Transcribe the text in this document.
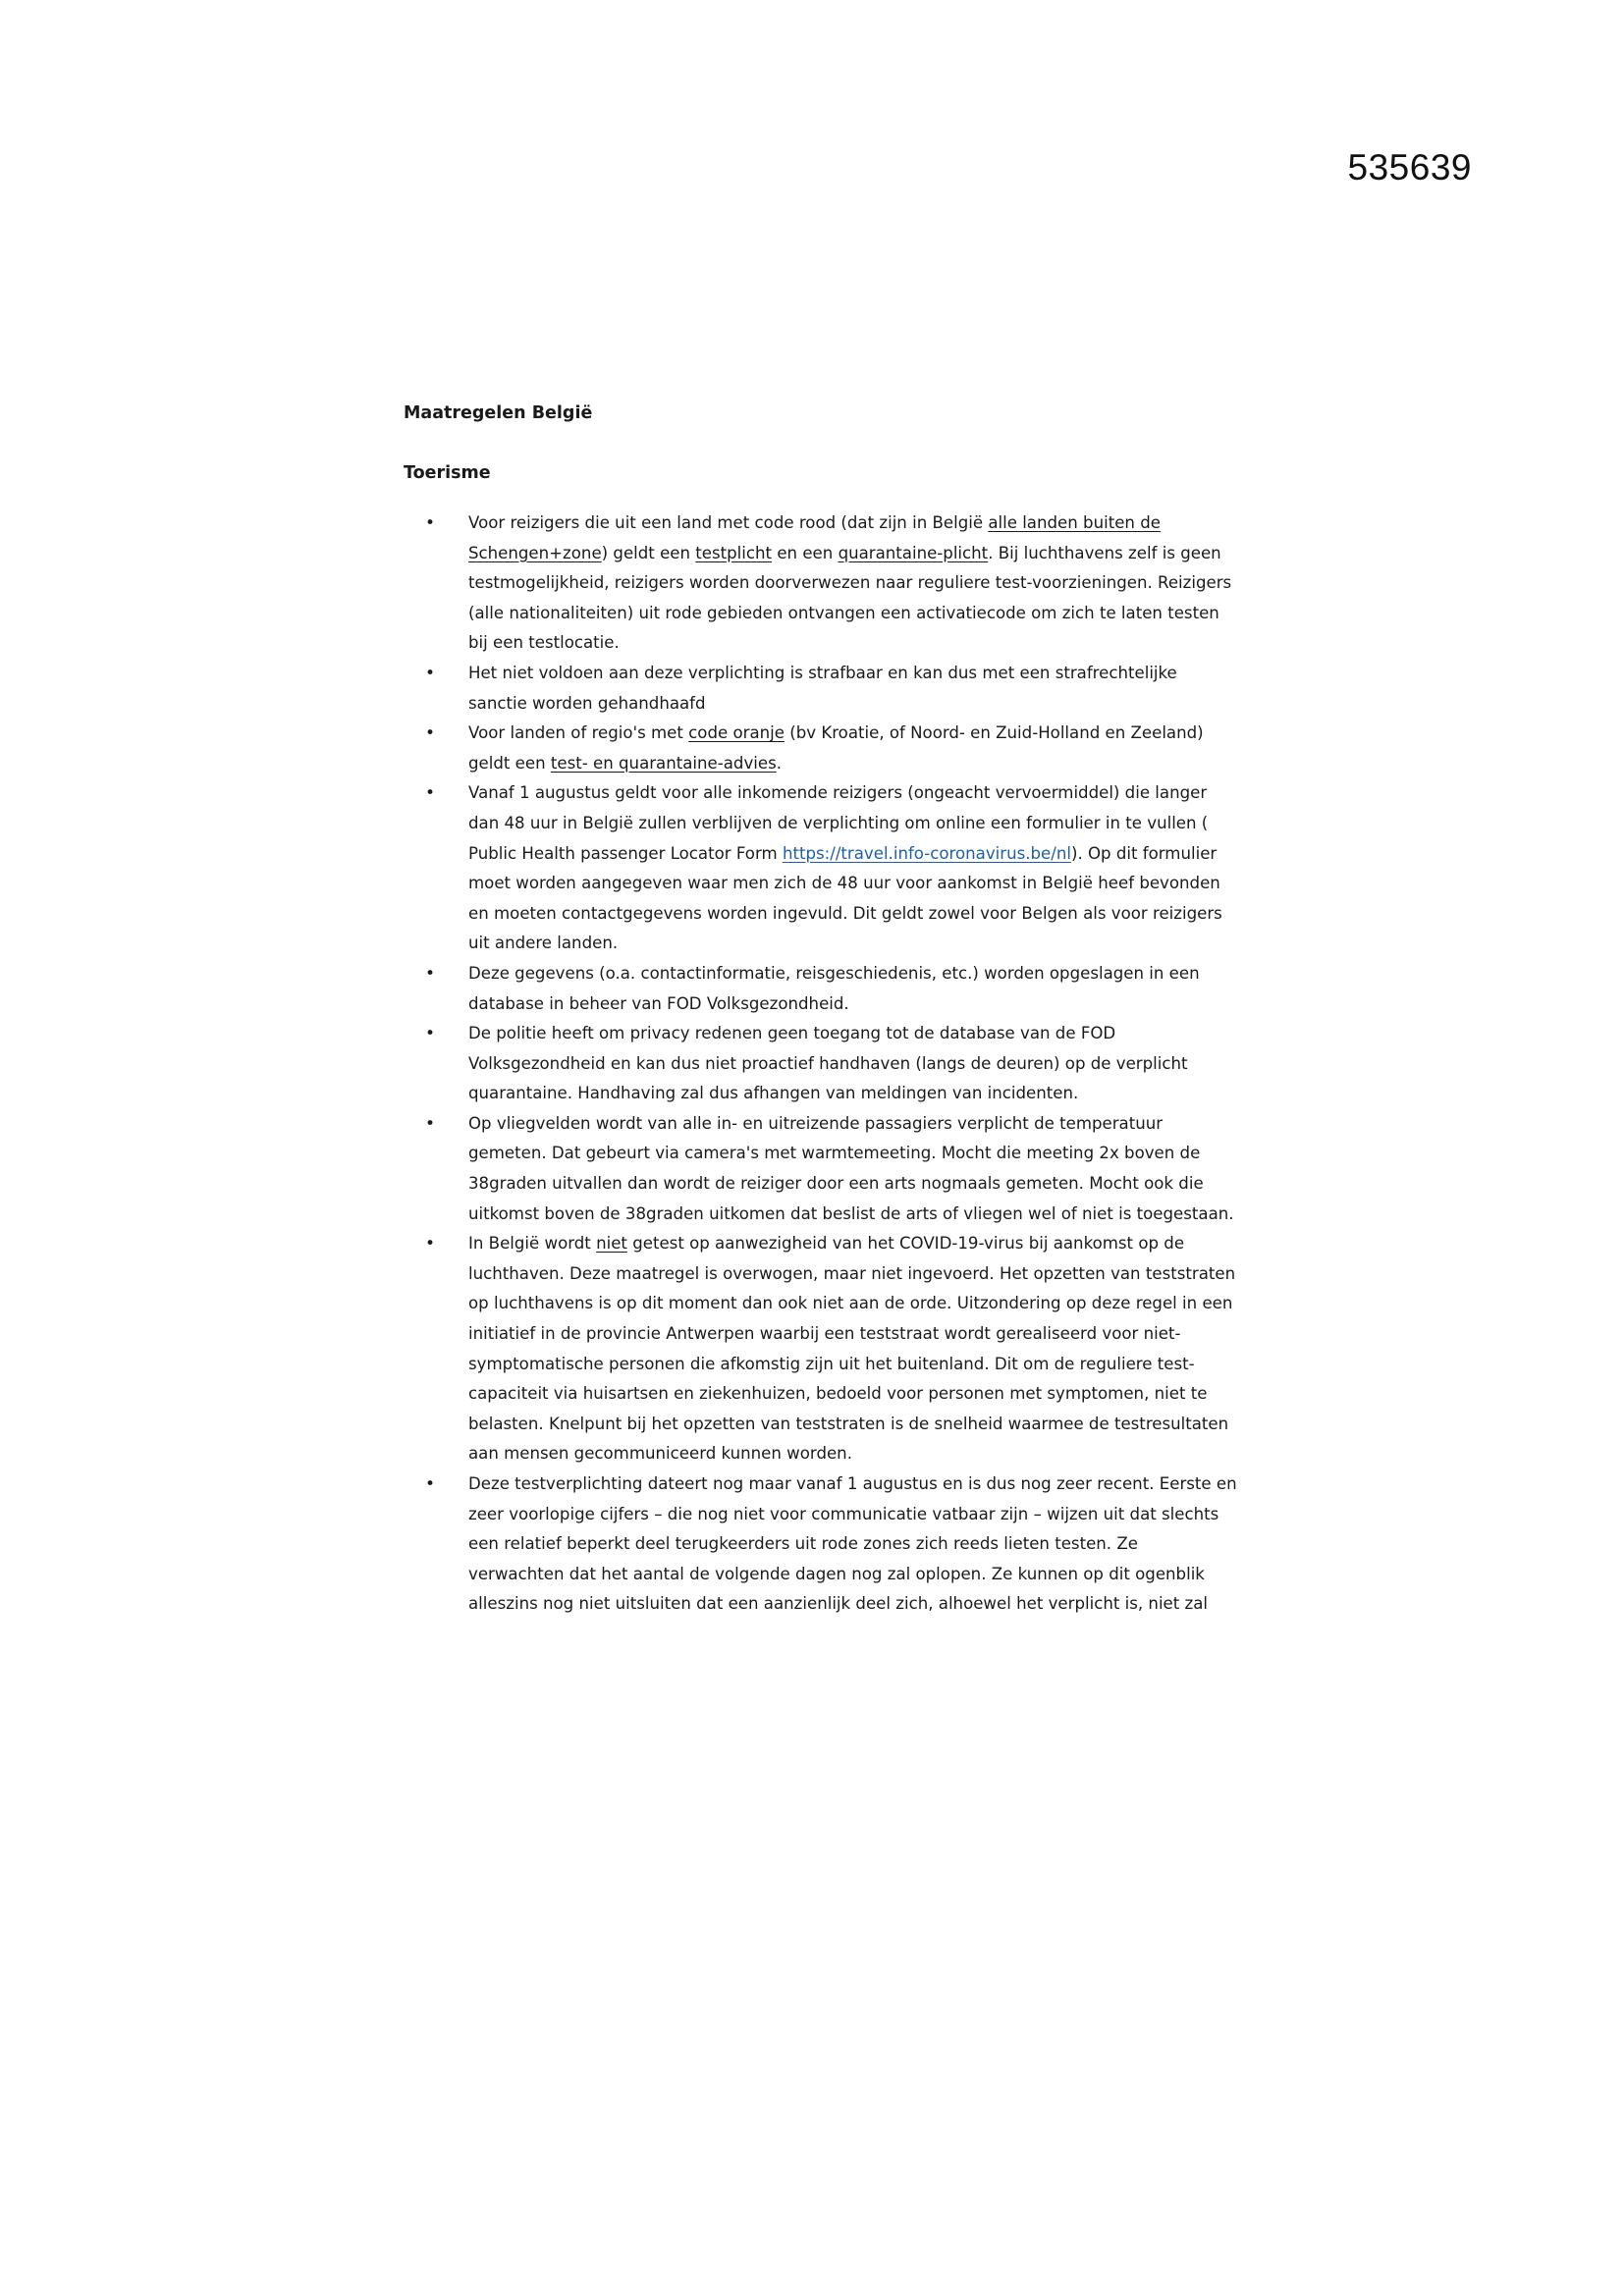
535639

Maatregelen België

Toerisme

• Voor reizigers die uit een land met code rood (dat zijn in België alle landen buiten de Schengen+zone) geldt een testplicht en een quarantaine-plicht. Bij luchthavens zelf is geen testmogelijkheid, reizigers worden doorverwezen naar reguliere test-voorzieningen. Reizigers (alle nationaliteiten) uit rode gebieden ontvangen een activatiecode om zich te laten testen bij een testlocatie.
• Het niet voldoen aan deze verplichting is strafbaar en kan dus met een strafrechtelijke sanctie worden gehandhaafd
• Voor landen of regio's met code oranje (bv Kroatie, of Noord- en Zuid-Holland en Zeeland) geldt een test- en quarantaine-advies.
• Vanaf 1 augustus geldt voor alle inkomende reizigers (ongeacht vervoermiddel) die langer dan 48 uur in België zullen verblijven de verplichting om online een formulier in te vullen ( Public Health passenger Locator Form https://travel.info-coronavirus.be/nl). Op dit formulier moet worden aangegeven waar men zich de 48 uur voor aankomst in België heef bevonden en moeten contactgegevens worden ingevuld. Dit geldt zowel voor Belgen als voor reizigers uit andere landen.
• Deze gegevens (o.a. contactinformatie, reisgeschiedenis, etc.) worden opgeslagen in een database in beheer van FOD Volksgezondheid.
• De politie heeft om privacy redenen geen toegang tot de database van de FOD Volksgezondheid en kan dus niet proactief handhaven (langs de deuren) op de verplicht quarantaine. Handhaving zal dus afhangen van meldingen van incidenten.
• Op vliegvelden wordt van alle in- en uitreizende passagiers verplicht de temperatuur gemeten. Dat gebeurt via camera's met warmtemeeting. Mocht die meeting 2x boven de 38graden uitvallen dan wordt de reiziger door een arts nogmaals gemeten. Mocht ook die uitkomst boven de 38graden uitkomen dat beslist de arts of vliegen wel of niet is toegestaan.
• In België wordt niet getest op aanwezigheid van het COVID-19-virus bij aankomst op de luchthaven. Deze maatregel is overwogen, maar niet ingevoerd. Het opzetten van teststraten op luchthavens is op dit moment dan ook niet aan de orde. Uitzondering op deze regel in een initiatief in de provincie Antwerpen waarbij een teststraat wordt gerealiseerd voor niet-symptomatische personen die afkomstig zijn uit het buitenland. Dit om de reguliere test-capaciteit via huisartsen en ziekenhuizen, bedoeld voor personen met symptomen, niet te belasten. Knelpunt bij het opzetten van teststraten is de snelheid waarmee de testresultaten aan mensen gecommuniceerd kunnen worden.
• Deze testverplichting dateert nog maar vanaf 1 augustus en is dus nog zeer recent. Eerste en zeer voorlopige cijfers – die nog niet voor communicatie vatbaar zijn – wijzen uit dat slechts een relatief beperkt deel terugkeerders uit rode zones zich reeds lieten testen. Ze verwachten dat het aantal de volgende dagen nog zal oplopen. Ze kunnen op dit ogenblik alleszins nog niet uitsluiten dat een aanzienlijk deel zich, alhoewel het verplicht is, niet zal
